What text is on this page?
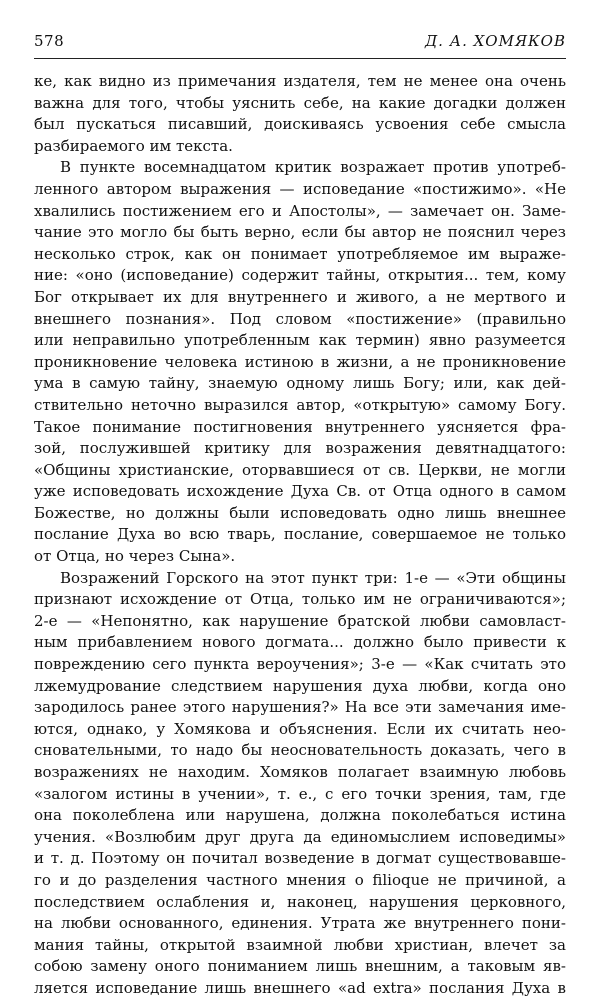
578	Д. А. ХОМЯКОВ
ке, как видно из примечания издателя, тем не менее она очень
важна для того, чтобы уяснить себе, на какие догадки должен
был пускаться писавший, доискиваясь усвоения себе смысла
разбираемого им текста.
В пункте восемнадцатом критик возражает против употреб-
ленного автором выражения — исповедание «постижимо». «Не
хвалились постижением его и Апостолы», — замечает он. Заме-
чание это могло бы быть верно, если бы автор не пояснил через
несколько строк, как он понимает употребляемое им выраже-
ние: «оно (исповедание) содержит тайны, открытия... тем, кому
Бог открывает их для внутреннего и живого, а не мертвого и
внешнего познания». Под словом «постижение» (правильно
или неправильно употребленным как термин) явно разумеется
проникновение человека истиною в жизни, а не проникновение
ума в самую тайну, знаемую одному лишь Богу; или, как дей-
ствительно неточно выразился автор, «открытую» самому Богу.
Такое понимание постигновения внутреннего уясняется фра-
зой, послужившей критику для возражения девятнадцатого:
«Общины христианские, оторвавшиеся от св. Церкви, не могли
уже исповедовать исхождение Духа Св. от Отца одного в самом
Божестве, но должны были исповедовать одно лишь внешнее
послание Духа во всю тварь, послание, совершаемое не только
от Отца, но через Сына».
Возражений Горского на этот пункт три: 1-е — «Эти общины
признают исхождение от Отца, только им не ограничиваются»;
2-е — «Непонятно, как нарушение братской любви самовласт-
ным прибавлением нового догмата... должно было привести к
повреждению сего пункта вероучения»; 3-е — «Как считать это
лжемудрование следствием нарушения духа любви, когда оно
зародилось ранее этого нарушения?» На все эти замечания име-
ются, однако, у Хомякова и объяснения. Если их считать нео-
сновательными, то надо бы неосновательность доказать, чего в
возражениях не находим. Хомяков полагает взаимную любовь
«залогом истины в учении», т. е., с его точки зрения, там, где
она поколеблена или нарушена, должна поколебаться истина
учения. «Возлюбим друг друга да единомыслием исповедимы»
и т. д. Поэтому он почитал возведение в догмат существовавше-
го и до разделения частного мнения о filioque не причиной, а
последствием ослабления и, наконец, нарушения церковного,
на любви основанного, единения. Утрата же внутреннего пони-
мания тайны, открытой взаимной любви христиан, влечет за
собою замену оного пониманием лишь внешним, а таковым яв-
ляется исповедание лишь внешнего «ad extra» послания Духа в
